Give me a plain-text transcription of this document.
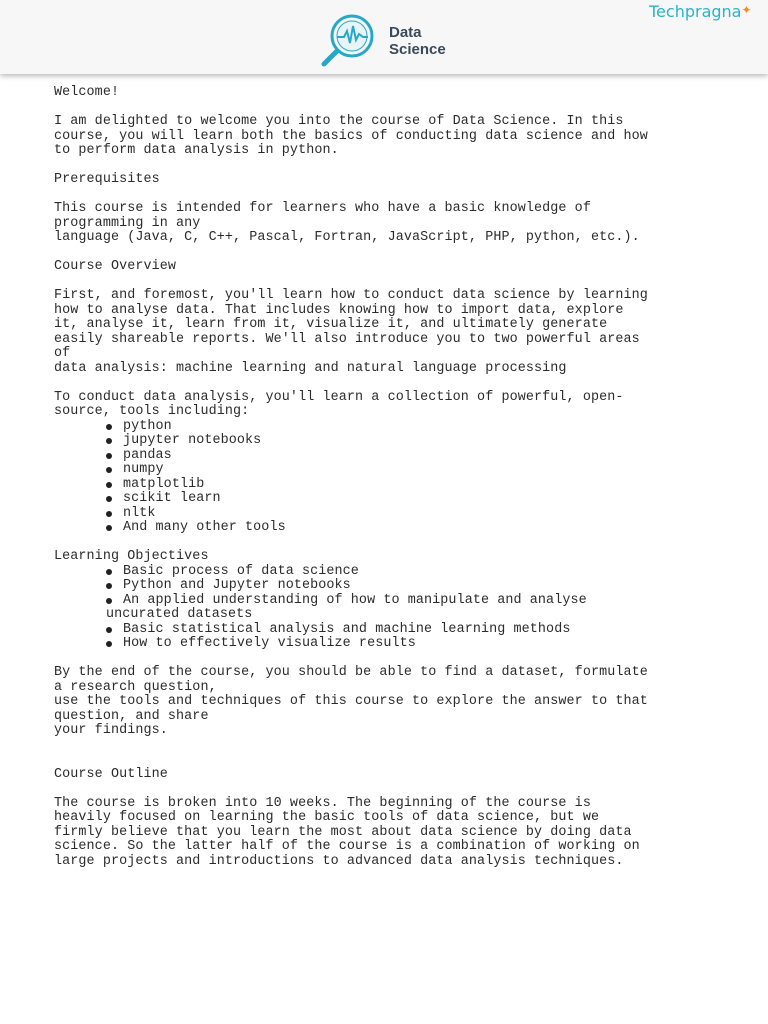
Data
Science
Techpragna✦

Welcome!

I am delighted to welcome you into the course of Data Science. In this
course, you will learn both the basics of conducting data science and how
to perform data analysis in python.

Prerequisites

This course is intended for learners who have a basic knowledge of
programming in any
language (Java, C, C++, Pascal, Fortran, JavaScript, PHP, python, etc.).

Course Overview

First, and foremost, you'll learn how to conduct data science by learning
how to analyse data. That includes knowing how to import data, explore
it, analyse it, learn from it, visualize it, and ultimately generate
easily shareable reports. We'll also introduce you to two powerful areas
of
data analysis: machine learning and natural language processing

To conduct data analysis, you'll learn a collection of powerful, open-
source, tools including:

python
jupyter notebooks
pandas
numpy
matplotlib
scikit learn
nltk
And many other tools

Learning Objectives

Basic process of data science
Python and Jupyter notebooks
An applied understanding of how to manipulate and analyse
uncurated datasets
Basic statistical analysis and machine learning methods
How to effectively visualize results

By the end of the course, you should be able to find a dataset, formulate
a research question,
use the tools and techniques of this course to explore the answer to that
question, and share
your findings.

Course Outline

The course is broken into 10 weeks. The beginning of the course is
heavily focused on learning the basic tools of data science, but we
firmly believe that you learn the most about data science by doing data
science. So the latter half of the course is a combination of working on
large projects and introductions to advanced data analysis techniques.
